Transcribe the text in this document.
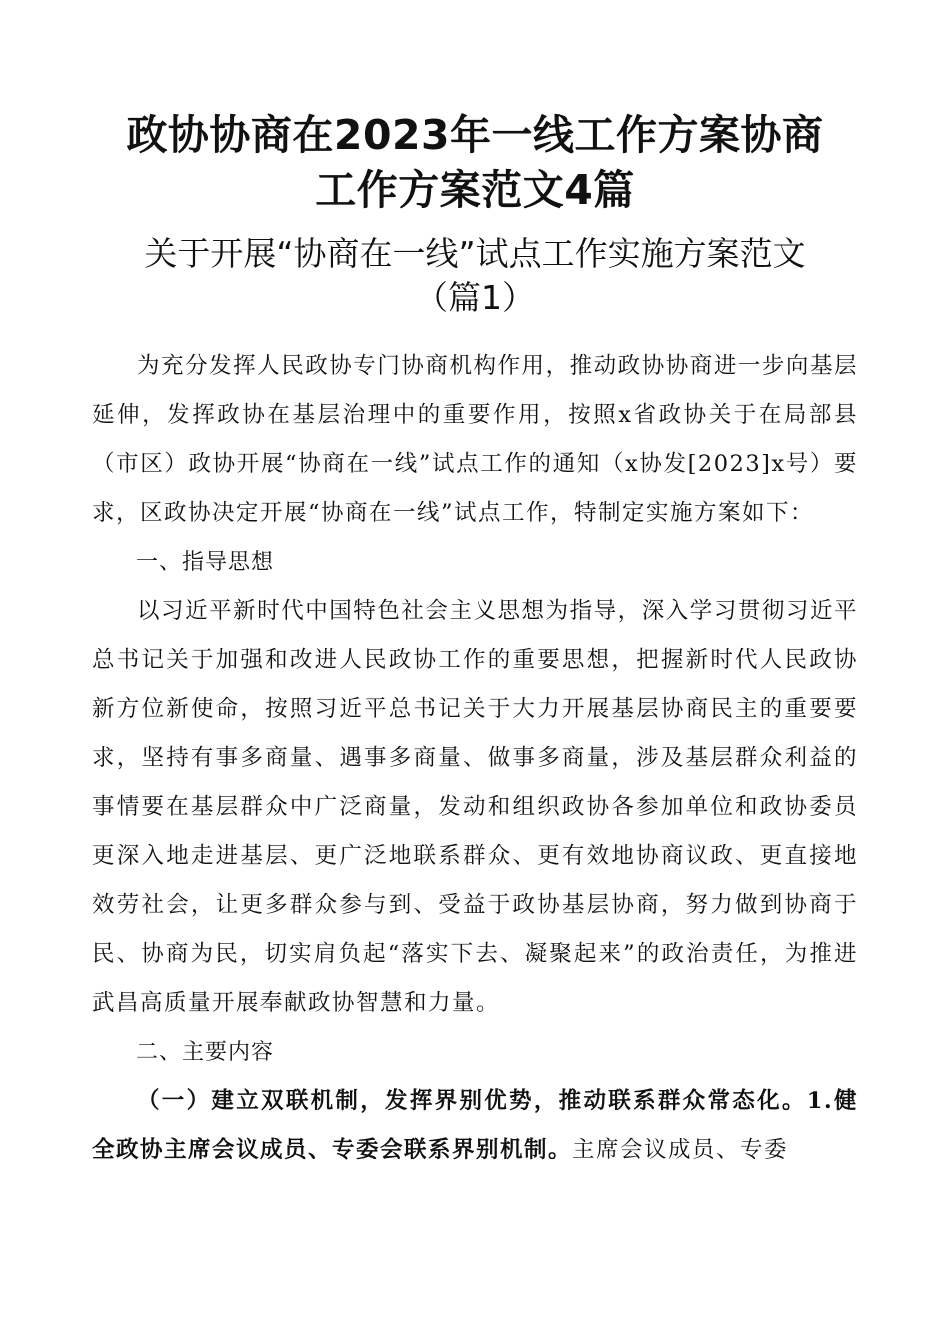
政协协商在2023年一线工作方案协商
工作方案范文4篇
关于开展“协商在一线”试点工作实施方案范文
（篇1）

为充分发挥人民政协专门协商机构作用，推动政协协商进一步向基层延伸，发挥政协在基层治理中的重要作用，按照x省政协关于在局部县（市区）政协开展“协商在一线”试点工作的通知（x协发[2023]x号）要求，区政协决定开展“协商在一线”试点工作，特制定实施方案如下：

一、指导思想

以习近平新时代中国特色社会主义思想为指导，深入学习贯彻习近平总书记关于加强和改进人民政协工作的重要思想，把握新时代人民政协新方位新使命，按照习近平总书记关于大力开展基层协商民主的重要要求，坚持有事多商量、遇事多商量、做事多商量，涉及基层群众利益的事情要在基层群众中广泛商量，发动和组织政协各参加单位和政协委员更深入地走进基层、更广泛地联系群众、更有效地协商议政、更直接地效劳社会，让更多群众参与到、受益于政协基层协商，努力做到协商于民、协商为民，切实肩负起“落实下去、凝聚起来”的政治责任，为推进武昌高质量开展奉献政协智慧和力量。

二、主要内容

（一）建立双联机制，发挥界别优势，推动联系群众常态化。1.健全政协主席会议成员、专委会联系界别机制。主席会议成员、专委
